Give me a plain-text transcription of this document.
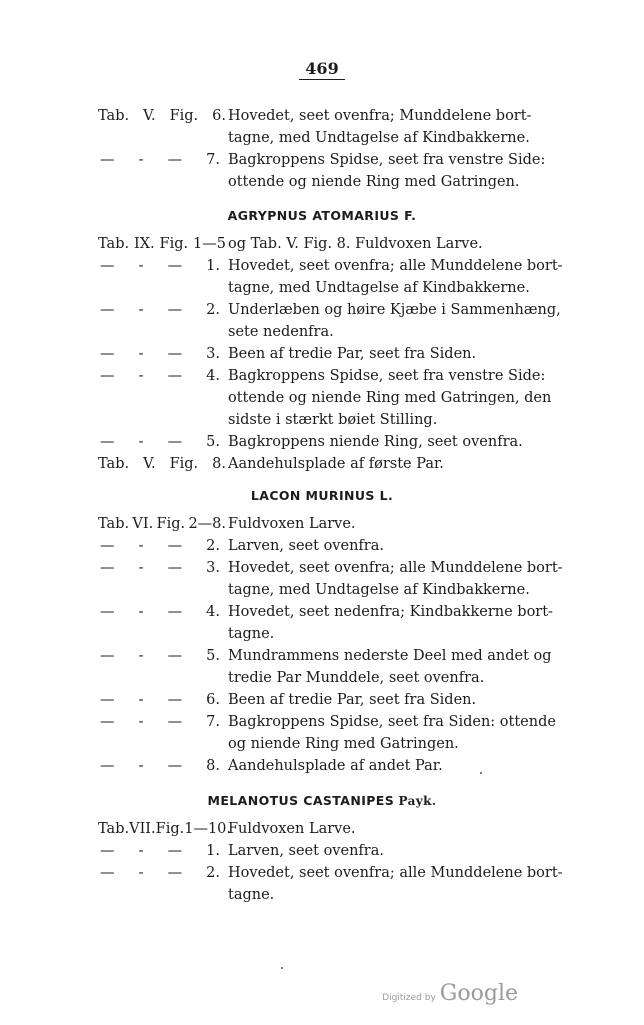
469
Tab. V. Fig. 6. Hovedet, seet ovenfra; Munddelene bort-
tagne, med Undtagelse af Kindbakkerne.
— - — 7. Bagkroppens Spidse, seet fra venstre Side:
ottende og niende Ring med Gatringen.
AGRYPNUS ATOMARIUS F.
Tab. IX. Fig. 1—5 og Tab. V. Fig. 8. Fuldvoxen Larve.
— - — 1. Hovedet, seet ovenfra; alle Munddelene bort-
tagne, med Undtagelse af Kindbakkerne.
— - — 2. Underlæben og høire Kjæbe i Sammenhæng,
sete nedenfra.
— - — 3. Been af tredie Par, seet fra Siden.
— - — 4. Bagkroppens Spidse, seet fra venstre Side:
ottende og niende Ring med Gatringen, den
sidste i stærkt bøiet Stilling.
— - — 5. Bagkroppens niende Ring, seet ovenfra.
Tab. V. Fig. 8. Aandehulsplade af første Par.
LACON MURINUS L.
Tab. VI. Fig. 2—8. Fuldvoxen Larve.
— - — 2. Larven, seet ovenfra.
— - — 3. Hovedet, seet ovenfra; alle Munddelene bort-
tagne, med Undtagelse af Kindbakkerne.
— - — 4. Hovedet, seet nedenfra; Kindbakkerne bort-
tagne.
— - — 5. Mundrammens nederste Deel med andet og
tredie Par Munddele, seet ovenfra.
— - — 6. Been af tredie Par, seet fra Siden.
— - — 7. Bagkroppens Spidse, seet fra Siden: ottende
og niende Ring med Gatringen.
— - — 8. Aandehulsplade af andet Par.
MELANOTUS CASTANIPES Payk.
Tab. VII. Fig. 1—10.
Fuldvoxen Larve.
— - — 1. Larven, seet ovenfra.
— - — 2. Hovedet, seet ovenfra; alle Munddelene bort-
tagne.
Digitized by Google
